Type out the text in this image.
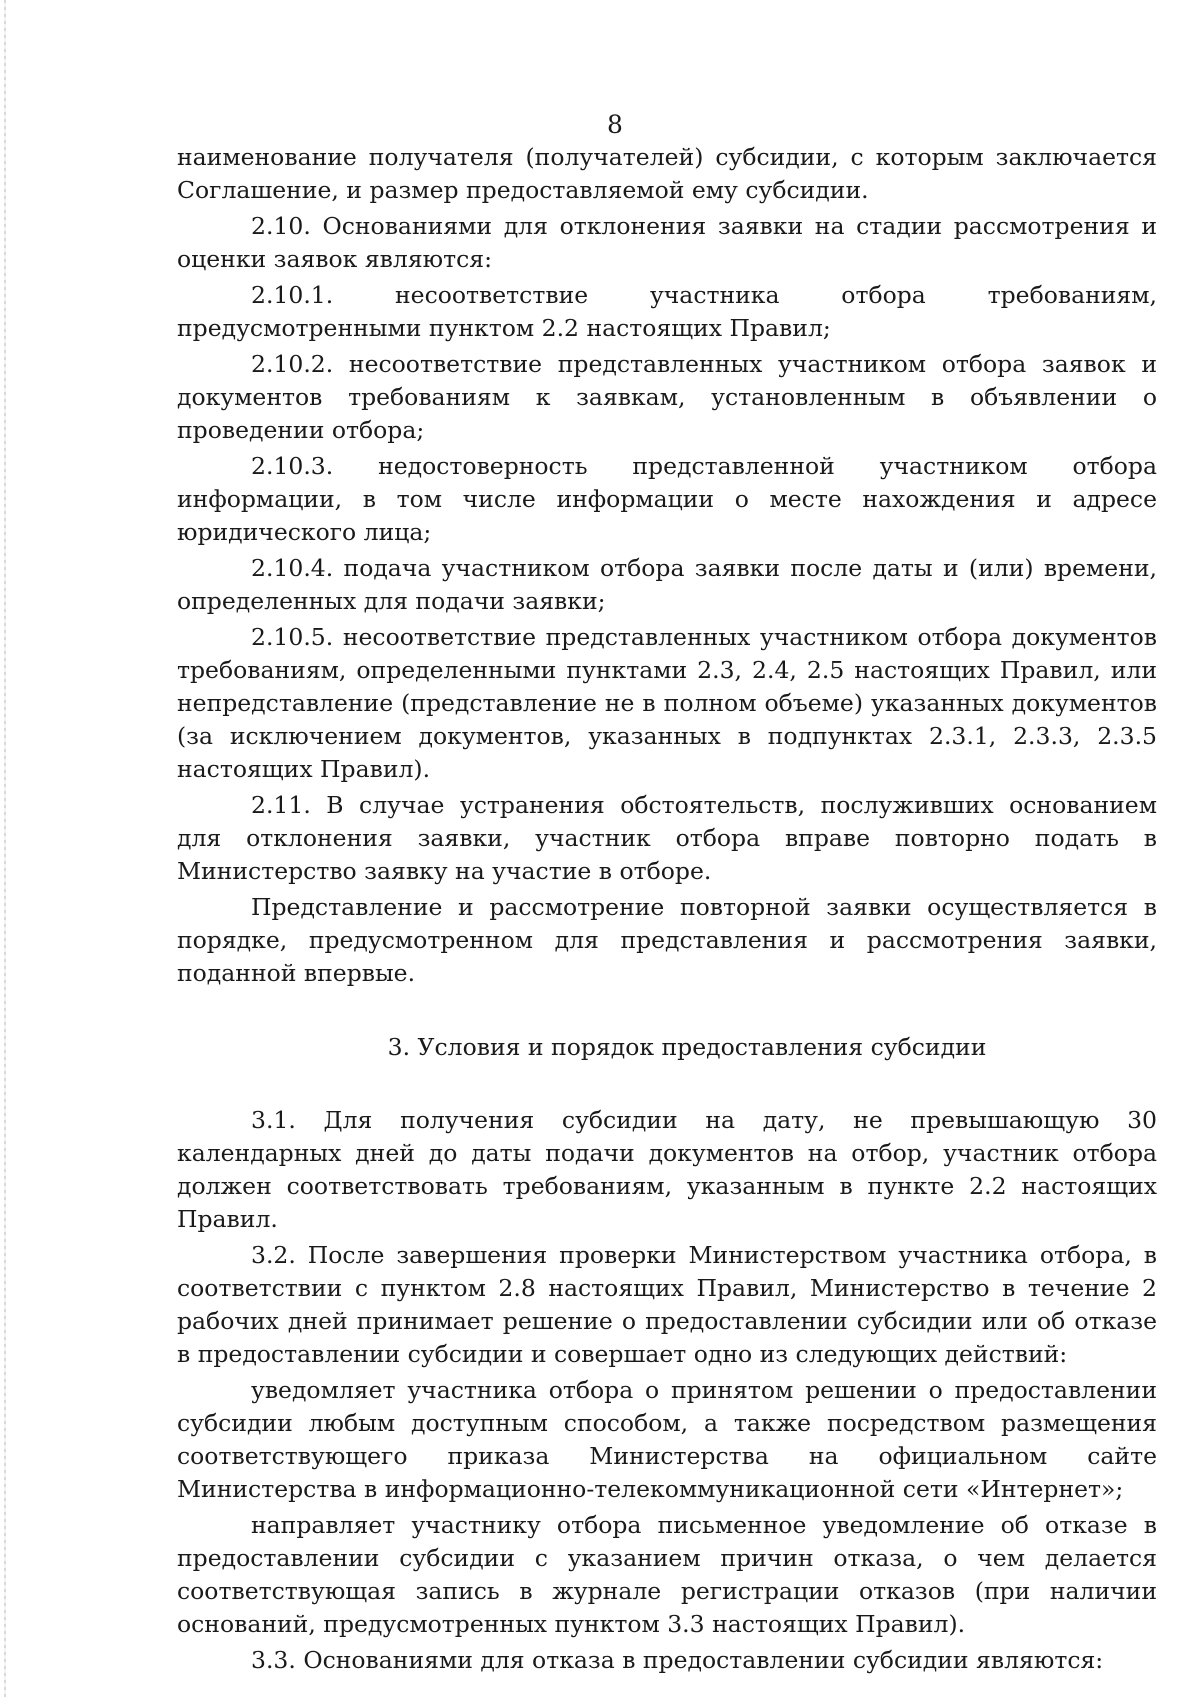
8

наименование получателя (получателей) субсидии, с которым заключается Соглашение, и размер предоставляемой ему субсидии.

2.10. Основаниями для отклонения заявки на стадии рассмотрения и оценки заявок являются:

2.10.1. несоответствие участника отбора требованиям, предусмотренными пунктом 2.2 настоящих Правил;

2.10.2. несоответствие представленных участником отбора заявок и документов требованиям к заявкам, установленным в объявлении о проведении отбора;

2.10.3. недостоверность представленной участником отбора информации, в том числе информации о месте нахождения и адресе юридического лица;

2.10.4. подача участником отбора заявки после даты и (или) времени, определенных для подачи заявки;

2.10.5. несоответствие представленных участником отбора документов требованиям, определенными пунктами 2.3, 2.4, 2.5 настоящих Правил, или непредставление (представление не в полном объеме) указанных документов (за исключением документов, указанных в подпунктах 2.3.1, 2.3.3, 2.3.5 настоящих Правил).

2.11. В случае устранения обстоятельств, послуживших основанием для отклонения заявки, участник отбора вправе повторно подать в Министерство заявку на участие в отборе.

Представление и рассмотрение повторной заявки осуществляется в порядке, предусмотренном для представления и рассмотрения заявки, поданной впервые.

3. Условия и порядок предоставления субсидии

3.1. Для получения субсидии на дату, не превышающую 30 календарных дней до даты подачи документов на отбор, участник отбора должен соответствовать требованиям, указанным в пункте 2.2 настоящих Правил.

3.2. После завершения проверки Министерством участника отбора, в соответствии с пунктом 2.8 настоящих Правил, Министерство в течение 2 рабочих дней принимает решение о предоставлении субсидии или об отказе в предоставлении субсидии и совершает одно из следующих действий:

уведомляет участника отбора о принятом решении о предоставлении субсидии любым доступным способом, а также посредством размещения соответствующего приказа Министерства на официальном сайте Министерства в информационно-телекоммуникационной сети «Интернет»;

направляет участнику отбора письменное уведомление об отказе в предоставлении субсидии с указанием причин отказа, о чем делается соответствующая запись в журнале регистрации отказов (при наличии оснований, предусмотренных пунктом 3.3 настоящих Правил).

3.3. Основаниями для отказа в предоставлении субсидии являются:
